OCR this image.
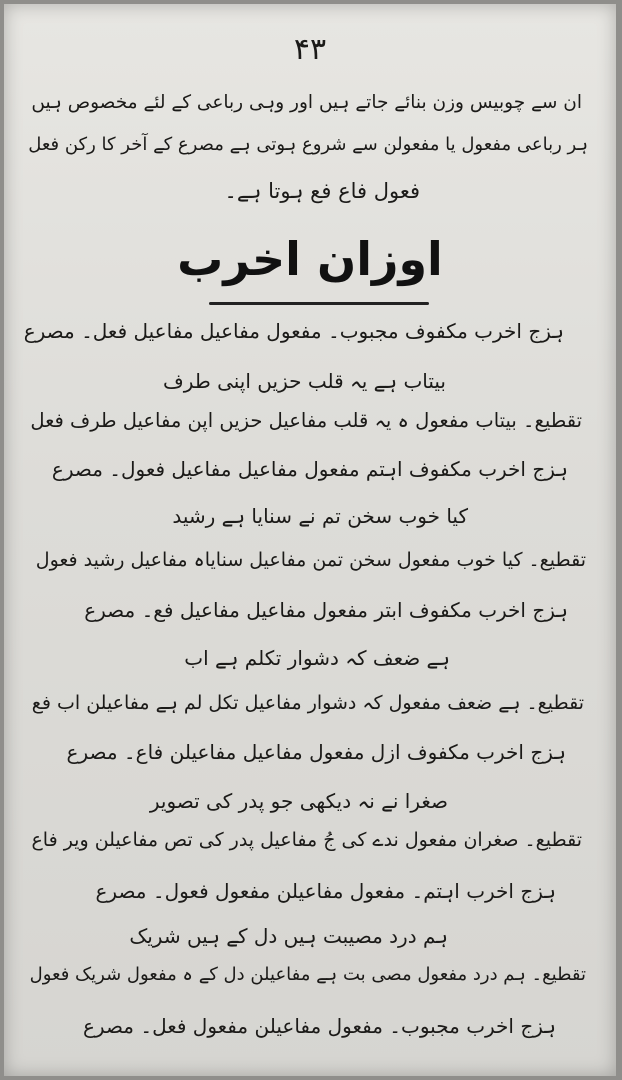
۴۳
ان سے چوبیس وزن بنائے جاتے ہیں اور وہی رباعی کے لئے مخصوص ہیں
ہر رباعی مفعول یا مفعولن سے شروع ہوتی ہے مصرع کے آخر کا رکن فعل
فعول فاع فع ہوتا ہے۔
اوزان اخرب
ہزج اخرب مکفوف مجبوب۔ مفعول مفاعیل مفاعیل فعل۔ مصرع
بیتاب ہے یہ قلب حزیں اپنی طرف
تقطیع۔ بیتاب مفعول ہ یہ قلب مفاعیل حزیں اپن مفاعیل طرف فعل
ہزج اخرب مکفوف اہتم مفعول مفاعیل مفاعیل فعول۔ مصرع
کیا خوب سخن تم نے سنایا ہے رشید
تقطیع۔ کیا خوب مفعول سخن تمن مفاعیل سنایاہ مفاعیل رشید فعول
ہزج اخرب مکفوف ابتر مفعول مفاعیل مفاعیل فع۔ مصرع
ہے ضعف کہ دشوار تکلم ہے اب
تقطیع۔ ہے ضعف مفعول کہ دشوار مفاعیل تکل لم ہے مفاعیلن اب فع
ہزج اخرب مکفوف ازل مفعول مفاعیل مفاعیلن فاع۔ مصرع
صغرا نے نہ دیکھی جو پدر کی تصویر
تقطیع۔ صغران مفعول ندے کی جُ مفاعیل پدر کی تص مفاعیلن ویر فاع
ہزج اخرب اہتم۔ مفعول مفاعیلن مفعول فعول۔ مصرع
ہم درد مصیبت ہیں دل کے ہیں شریک
تقطیع۔ ہم درد مفعول مصی بت ہے مفاعیلن دل کے ہ مفعول شریک فعول
ہزج اخرب مجبوب۔ مفعول مفاعیلن مفعول فعل۔ مصرع
